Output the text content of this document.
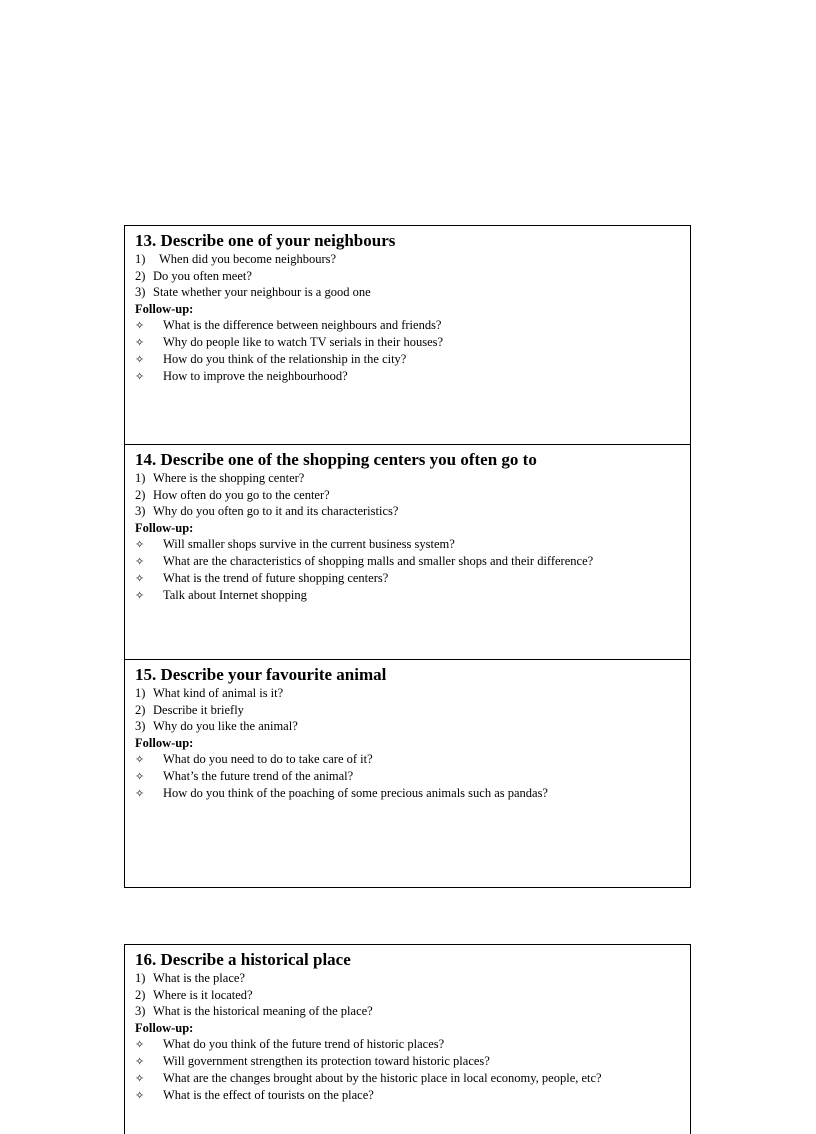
13. Describe one of your neighbours
1) When did you become neighbours?
2) Do you often meet?
3) State whether your neighbour is a good one
Follow-up:
✧ What is the difference between neighbours and friends?
✧ Why do people like to watch TV serials in their houses?
✧ How do you think of the relationship in the city?
✧ How to improve the neighbourhood?
14. Describe one of the shopping centers you often go to
1) Where is the shopping center?
2) How often do you go to the center?
3) Why do you often go to it and its characteristics?
Follow-up:
✧ Will smaller shops survive in the current business system?
✧ What are the characteristics of shopping malls and smaller shops and their difference?
✧ What is the trend of future shopping centers?
✧ Talk about Internet shopping
15. Describe your favourite animal
1) What kind of animal is it?
2) Describe it briefly
3) Why do you like the animal?
Follow-up:
✧ What do you need to do to take care of it?
✧ What’s the future trend of the animal?
✧ How do you think of the poaching of some precious animals such as pandas?
16. Describe a historical place
1) What is the place?
2) Where is it located?
3) What is the historical meaning of the place?
Follow-up:
✧ What do you think of the future trend of historic places?
✧ Will government strengthen its protection toward historic places?
✧ What are the changes brought about by the historic place in local economy, people, etc?
✧ What is the effect of tourists on the place?
